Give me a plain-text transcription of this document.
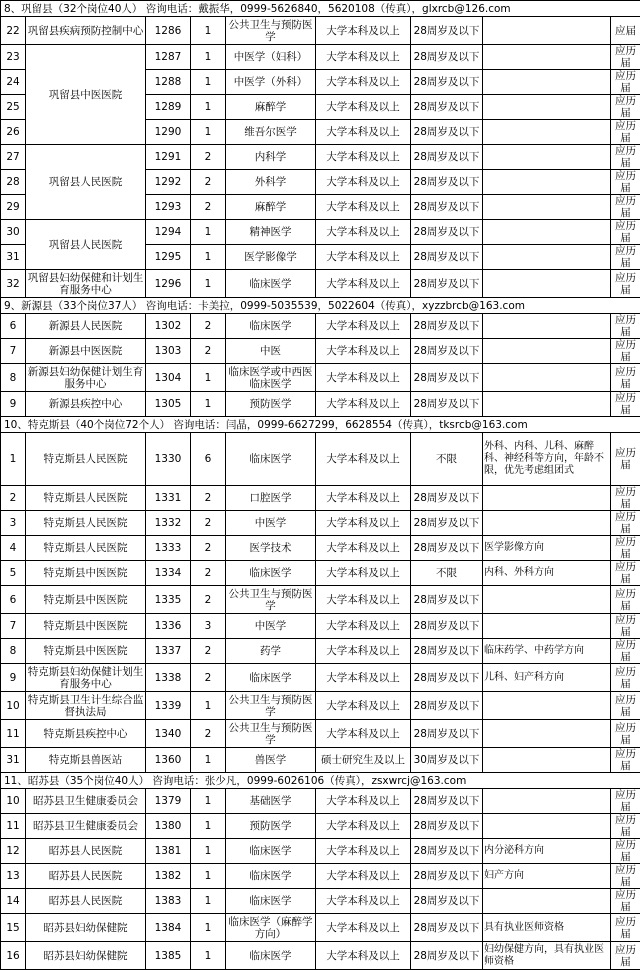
8、巩留县（32个岗位40人） 咨询电话：戴振华，0999-5626840，5620108（传真），glxrcb@126.com								
22	巩留县疾病预防控制中心	1286	1	公共卫生与预防医学	大学本科及以上	28周岁及以下			应届
23	巩留县中医医院	1287	1	中医学（妇科）	大学本科及以上	28周岁及以下			应历届
24		1288	1	中医学（外科）	大学本科及以上	28周岁及以下			应历届
25		1289	1	麻醉学	大学本科及以上	28周岁及以下			应历届
26		1290	1	维吾尔医学	大学本科及以上	28周岁及以下			应历届
27	巩留县人民医院	1291	2	内科学	大学本科及以上	28周岁及以下			应历届
28		1292	2	外科学	大学本科及以上	28周岁及以下			应历届
29		1293	2	麻醉学	大学本科及以上	28周岁及以下			应历届
30	巩留县人民医院	1294	1	精神医学	大学本科及以上	28周岁及以下			应历届
31		1295	1	医学影像学	大学本科及以上	28周岁及以下			应历届
32	巩留县妇幼保健和计划生育服务中心	1296	1	临床医学	大学本科及以上	28周岁及以下			应历届
9、新源县（33个岗位37人） 咨询电话：卡美拉，0999-5035539，5022604（传真），xyzzbrcb@163.com								
6	新源县人民医院	1302	2	临床医学	大学本科及以上	28周岁及以下			应历届
7	新源县中医医院	1303	2	中医	大学本科及以上	28周岁及以下			应历届
8	新源县妇幼保健计划生育服务中心	1304	1	临床医学或中西医临床医学	大学本科及以上	28周岁及以下			应历届
9	新源县疾控中心	1305	1	预防医学	大学本科及以上	28周岁及以下			应历届
10、特克斯县（40个岗位72个人） 咨询电话：闫晶，0999-6627299，6628554（传真），tksrcb@163.com								
1	特克斯县人民医院	1330	6	临床医学	大学本科及以上	不限		外科、内科、儿科、麻醉科、神经科等方向，年龄不限，优先考虑组团式	应历届
2	特克斯县人民医院	1331	2	口腔医学	大学本科及以上	28周岁及以下			应历届
3	特克斯县人民医院	1332	2	中医学	大学本科及以上	28周岁及以下			应历届
4	特克斯县人民医院	1333	2	医学技术	大学本科及以上	28周岁及以下		医学影像方向	应历届
5	特克斯县中医医院	1334	2	临床医学	大学本科及以上	不限		内科、外科方向	应历届
6	特克斯县中医医院	1335	2	公共卫生与预防医学	大学本科及以上	28周岁及以下			应历届
7	特克斯县中医医院	1336	3	中医学	大学本科及以上	28周岁及以下			应历届
8	特克斯县中医医院	1337	2	药学	大学本科及以上	28周岁及以下		临床药学、中药学方向	应历届
9	特克斯县妇幼保健计划生育服务中心	1338	2	临床医学	大学本科及以上	28周岁及以下		儿科、妇产科方向	应历届
10	特克斯县卫生计生综合监督执法局	1339	1	公共卫生与预防医学	大学本科及以上	28周岁及以下			应历届
11	特克斯县疾控中心	1340	2	公共卫生与预防医学	大学本科及以上	28周岁及以下			应历届
31	特克斯县兽医站	1360	1	兽医学	硕士研究生及以上	30周岁及以下			应历届
11、昭苏县（35个岗位40人） 咨询电话：张少凡，0999-6026106（传真），zsxwrcj@163.com								
10	昭苏县卫生健康委员会	1379	1	基础医学	大学本科及以上	28周岁及以下			应历届
11	昭苏县卫生健康委员会	1380	1	预防医学	大学本科及以上	28周岁及以下			应历届
12	昭苏县人民医院	1381	1	临床医学	大学本科及以上	28周岁及以下		内分泌科方向	应历届
13	昭苏县人民医院	1382	1	临床医学	大学本科及以上	28周岁及以下		妇产方向	应历届
14	昭苏县人民医院	1383	1	临床医学	大学本科及以上	28周岁及以下			应历届
15	昭苏县妇幼保健院	1384	1	临床医学（麻醉学方向）	大学本科及以上	28周岁及以下		具有执业医师资格	应历届
16	昭苏县妇幼保健院	1385	1	临床医学	大学本科及以上	28周岁及以下		妇幼保健方向，具有执业医师资格	应历届
